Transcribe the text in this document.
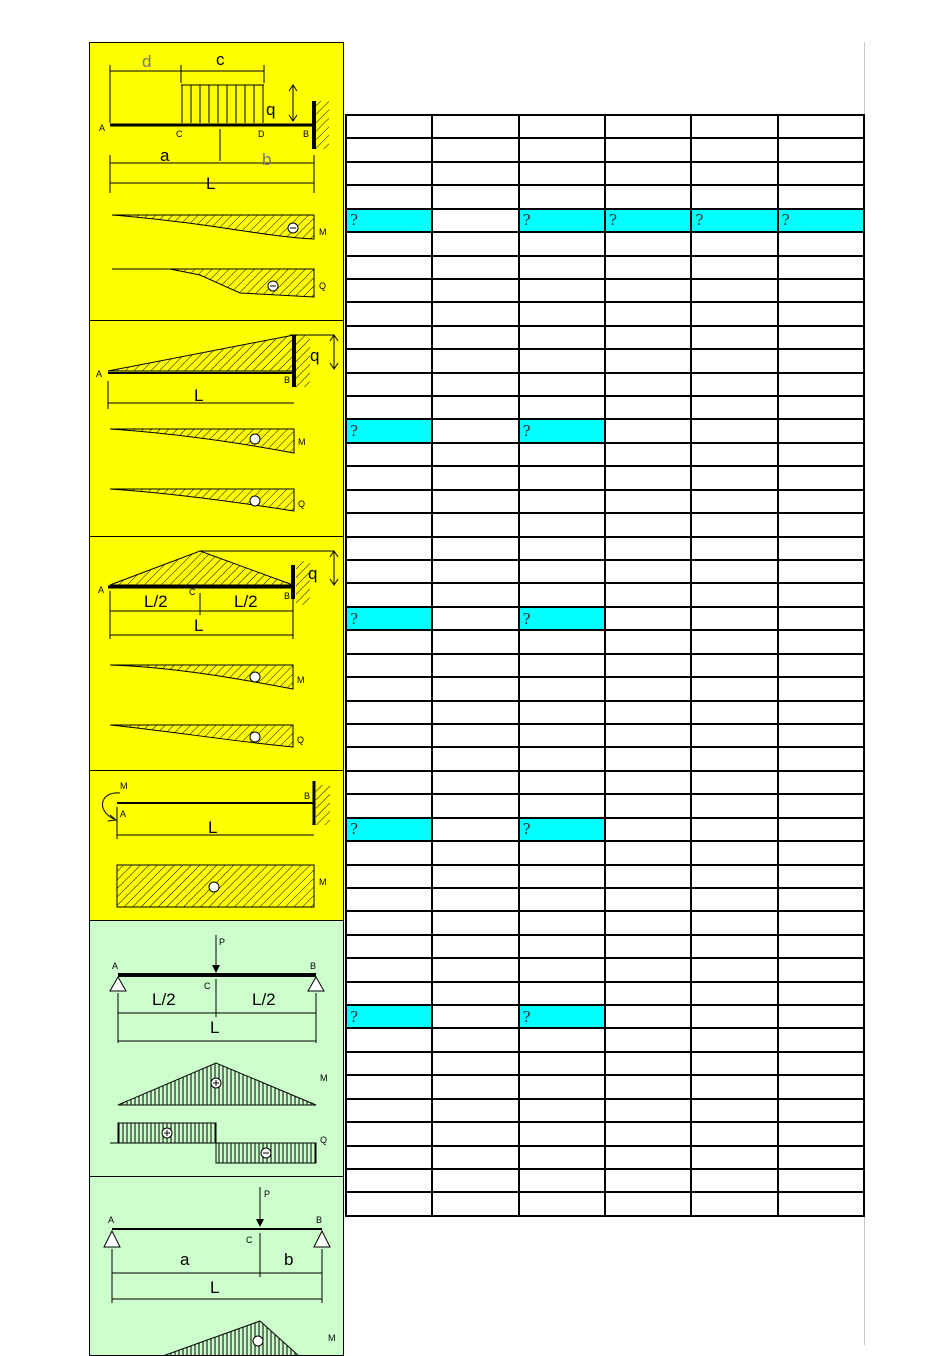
d	c
q
A
C	D	B
a	b
L
M
Q
q
A
B
L
M
Q
q
A	C	B
L/2	L/2
L
M
Q
M
A
B
L
M
P
A
C
B
L/2	L/2
L
M
Q
P
A
C
B
a	b
L
M

?		?	?	?	?

?		?			

?		?			

?		?			

?		?			
